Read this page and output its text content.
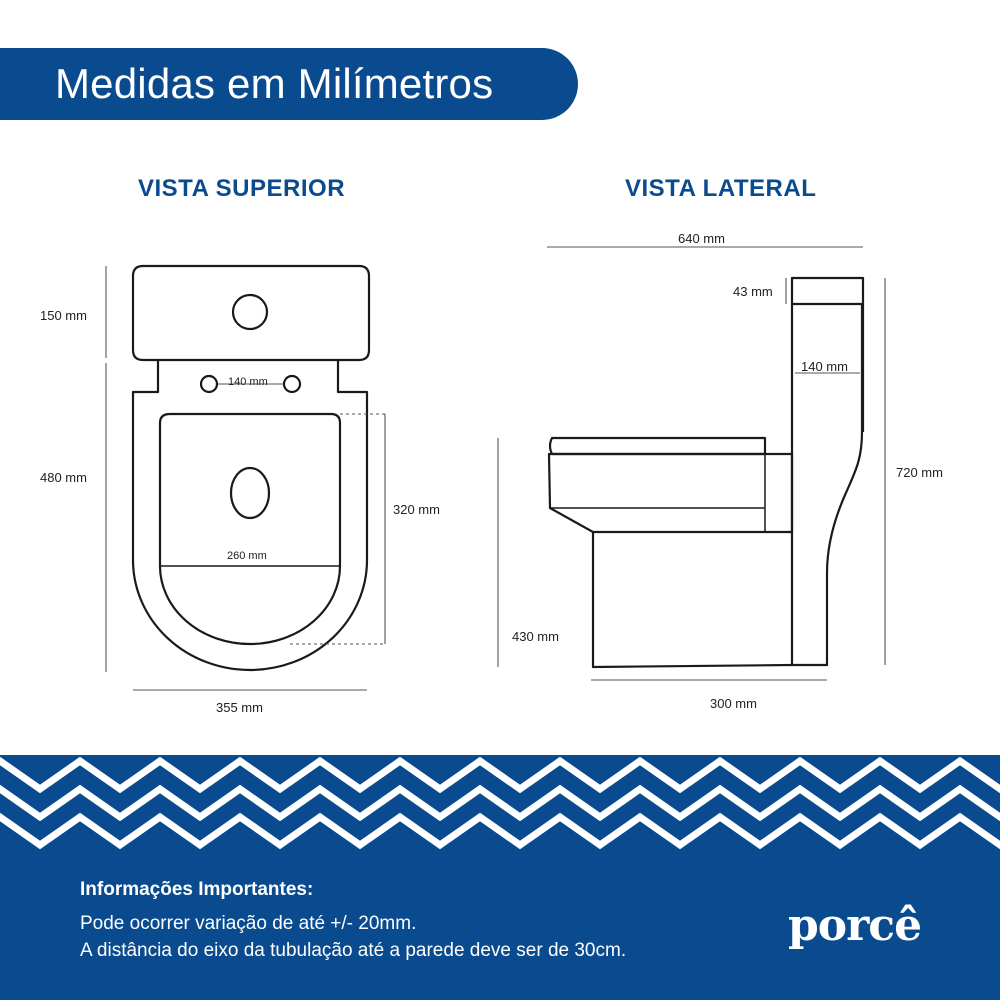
Medidas em Milímetros
VISTA SUPERIOR	VISTA LATERAL
150 mm
480 mm
140 mm
320 mm
260 mm
355 mm
640 mm
43 mm
140 mm
720 mm
430 mm
300 mm
Informações Importantes:
Pode ocorrer variação de até +/- 20mm.
A distância do eixo da tubulação até a parede deve ser de 30cm.	porcê
